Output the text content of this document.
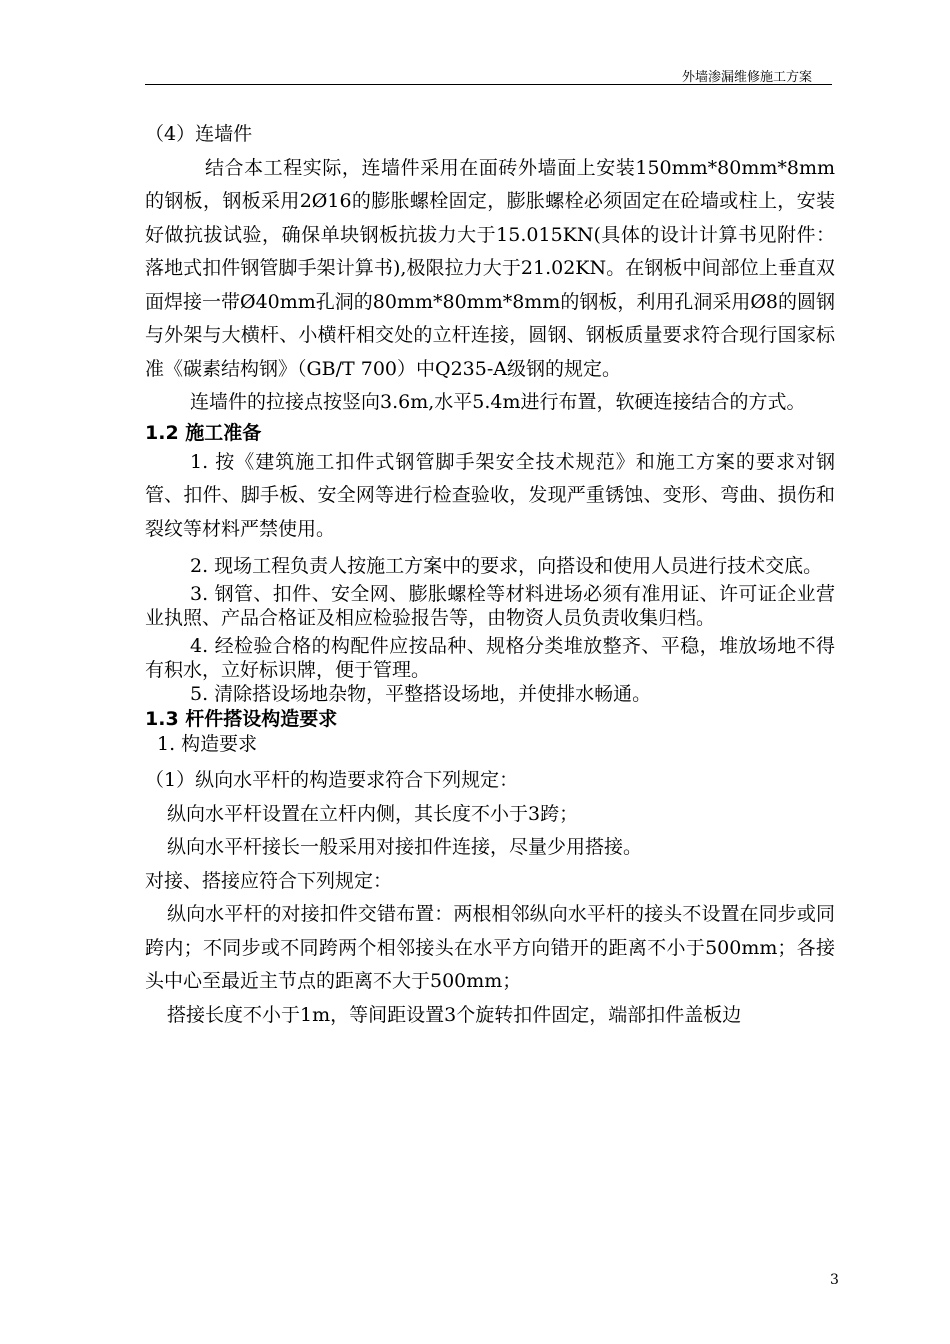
外墙渗漏维修施工方案

（4）连墙件

结合本工程实际，连墙件采用在面砖外墙面上安装150mm*80mm*8mm的钢板，钢板采用2Ø16的膨胀螺栓固定，膨胀螺栓必须固定在砼墙或柱上，安装好做抗拔试验，确保单块钢板抗拔力大于15.015KN(具体的设计计算书见附件：落地式扣件钢管脚手架计算书),极限拉力大于21.02KN。在钢板中间部位上垂直双面焊接一带Ø40mm孔洞的80mm*80mm*8mm的钢板，利用孔洞采用Ø8的圆钢与外架与大横杆、小横杆相交处的立杆连接，圆钢、钢板质量要求符合现行国家标准《碳素结构钢》（GB/T 700）中Q235-A级钢的规定。

连墙件的拉接点按竖向3.6m,水平5.4m进行布置，软硬连接结合的方式。

1.2 施工准备

1. 按《建筑施工扣件式钢管脚手架安全技术规范》和施工方案的要求对钢管、扣件、脚手板、安全网等进行检查验收，发现严重锈蚀、变形、弯曲、损伤和裂纹等材料严禁使用。

2. 现场工程负责人按施工方案中的要求，向搭设和使用人员进行技术交底。

3. 钢管、扣件、安全网、膨胀螺栓等材料进场必须有准用证、许可证企业营业执照、产品合格证及相应检验报告等，由物资人员负责收集归档。

4. 经检验合格的构配件应按品种、规格分类堆放整齐、平稳，堆放场地不得有积水，立好标识牌，便于管理。

5. 清除搭设场地杂物，平整搭设场地，并使排水畅通。

1.3 杆件搭设构造要求

1. 构造要求

（1）纵向水平杆的构造要求符合下列规定：

纵向水平杆设置在立杆内侧，其长度不小于3跨；

纵向水平杆接长一般采用对接扣件连接，尽量少用搭接。

对接、搭接应符合下列规定：

纵向水平杆的对接扣件交错布置：两根相邻纵向水平杆的接头不设置在同步或同跨内；不同步或不同跨两个相邻接头在水平方向错开的距离不小于500mm；各接头中心至最近主节点的距离不大于500mm；

搭接长度不小于1m，等间距设置3个旋转扣件固定，端部扣件盖板边

3
